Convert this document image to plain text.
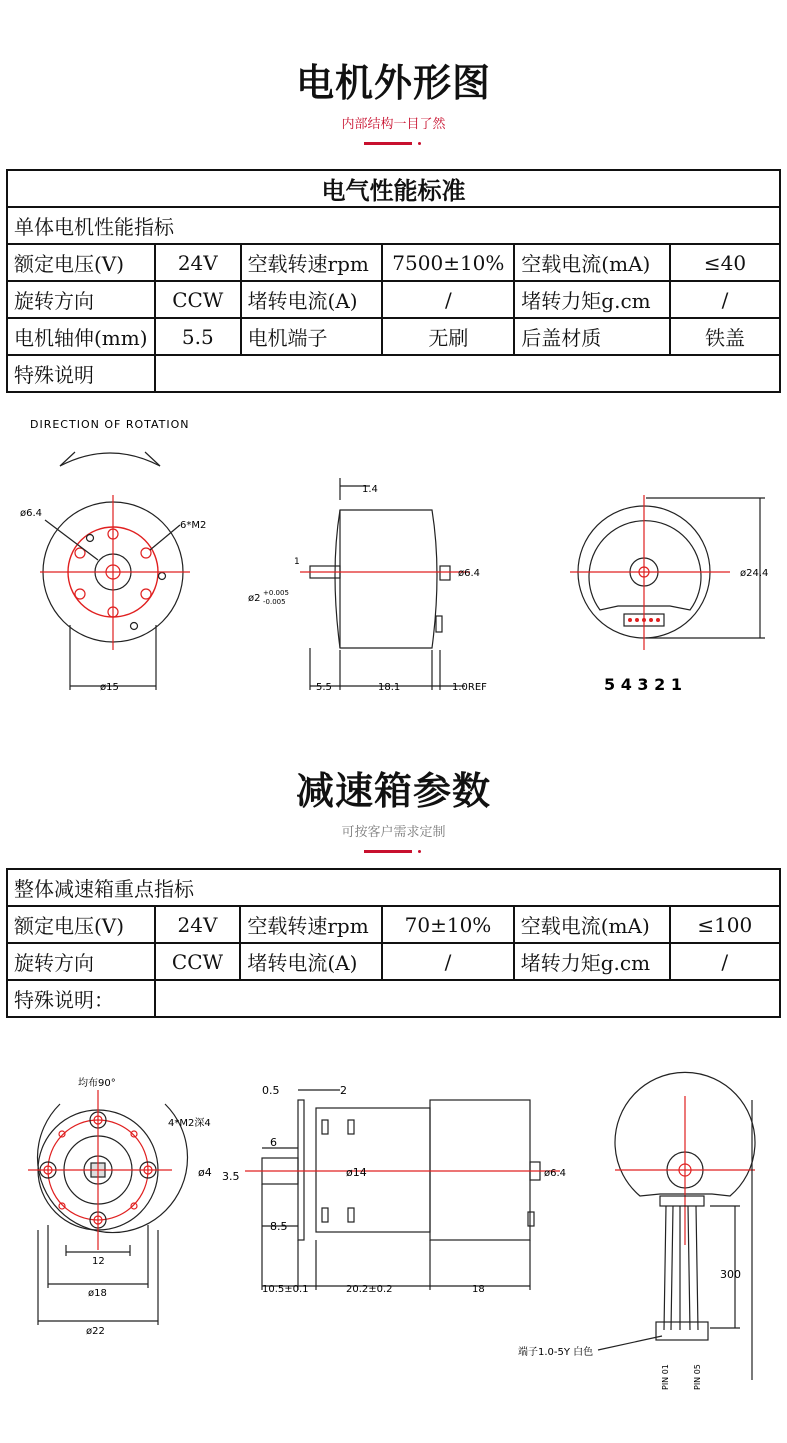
电机外形图
内部结构一目了然
电气性能标准					
单体电机性能指标					
额定电压(V)	24V	空载转速rpm	7500±10%	空载电流(mA)	≤40
旋转方向	CCW	堵转电流(A)	/	堵转力矩g.cm	/
电机轴伸(mm)	5.5	电机端子	无刷	后盖材质	铁盖
特殊说明					
DIRECTION OF ROTATION
ø6.4
6*M2
ø15
1.4
1
ø2 +0.005
-0.005
ø6.4
5.5	18.1	1.0REF
ø24.4
5 4 3 2 1
减速箱参数
可按客户需求定制
整体减速箱重点指标					
额定电压(V)	24V	空载转速rpm	70±10%	空载电流(mA)	≤100
旋转方向	CCW	堵转电流(A)	/	堵转力矩g.cm	/
特殊说明：					
均布90°
4*M2深4
12
ø18
ø22
0.5	2
6
ø4 3.5	ø14
8.5
10.5±0.1	20.2±0.2	18
ø6.4
300
端子1.0-5Y 白色
PIN 01	PIN 05
